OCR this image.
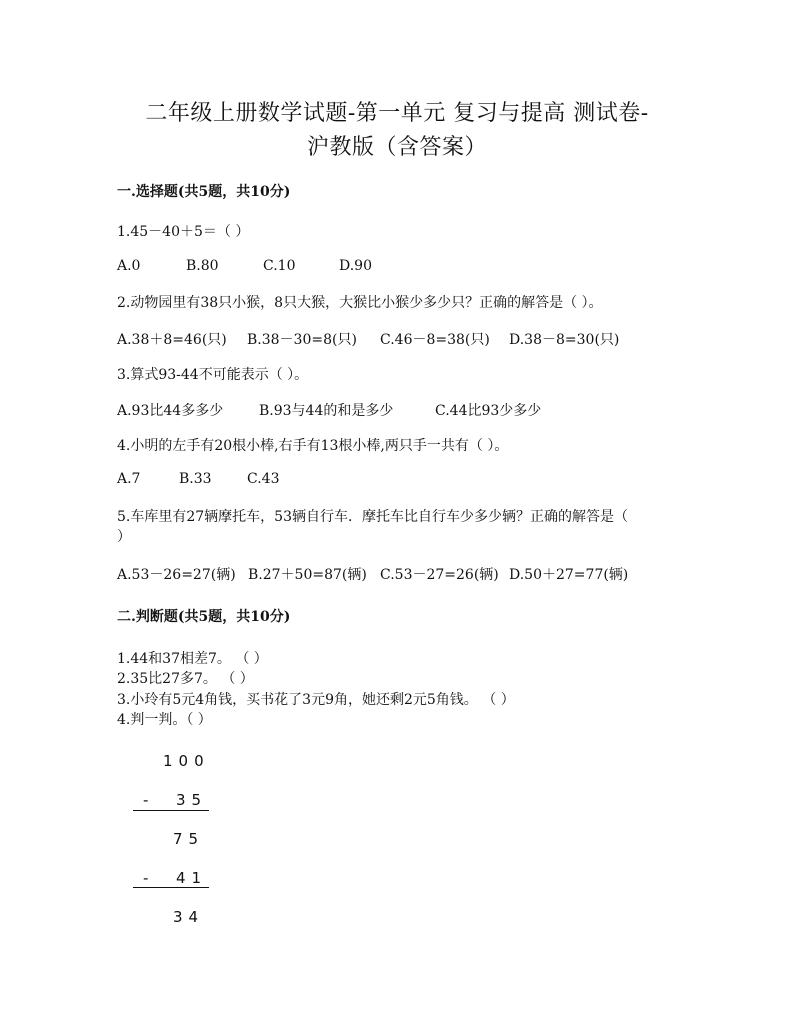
二年级上册数学试题-第一单元 复习与提高 测试卷-
沪教版（含答案）
一.选择题(共5题，共10分)
1.45－40＋5＝（ ）
A.0	B.80	C.10	D.90
2.动物园里有38只小猴，8只大猴，大猴比小猴少多少只？正确的解答是（ ）。
A.38＋8=46(只) B.38－30=8(只) C.46－8=38(只) D.38－8=30(只)
3.算式93-44不可能表示（ ）。
A.93比44多多少	B.93与44的和是多少	C.44比93少多少
4.小明的左手有20根小棒,右手有13根小棒,两只手一共有（ ）。
A.7	B.33	C.43
5.车库里有27辆摩托车，53辆自行车．摩托车比自行车少多少辆？正确的解答是（
）
A.53－26=27(辆) B.27＋50=87(辆) C.53－27=26(辆) D.50＋27=77(辆)
二.判断题(共5题，共10分)
1.44和37相差7。 （ ）
2.35比27多7。 （ ）
3.小玲有5元4角钱，买书花了3元9角，她还剩2元5角钱。 （ ）
4.判一判。（ ）
100
-  35
75
-  41
34
